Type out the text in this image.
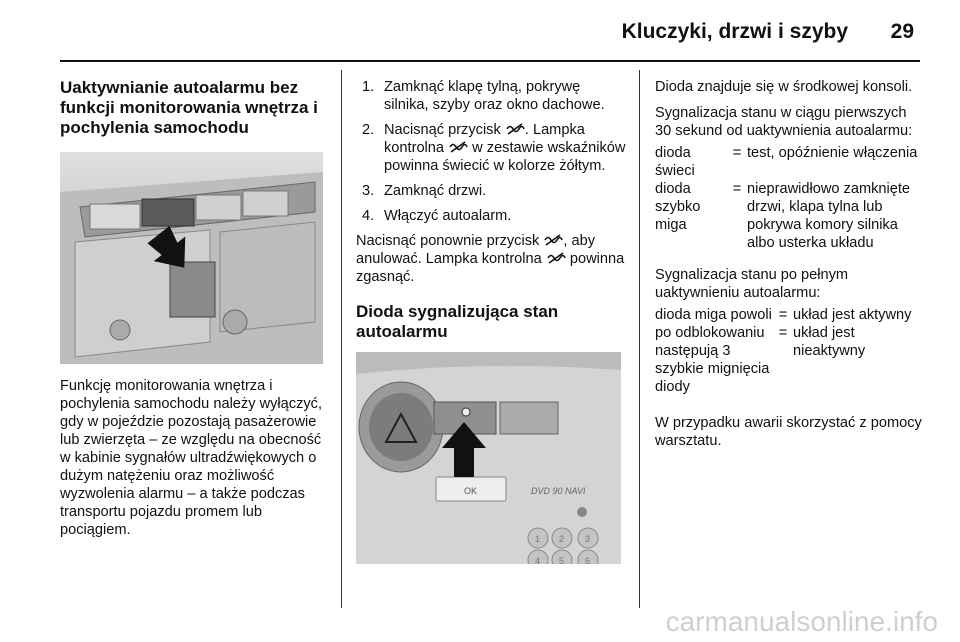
Kluczyki, drzwi i szyby 29
Uaktywnianie autoalarmu bez funkcji monitorowania wnętrza i pochylenia samochodu

Funkcję monitorowania wnętrza i pochylenia samochodu należy wyłączyć, gdy w pojeździe pozostają pasażerowie lub zwierzęta – ze względu na obecność w kabinie sygnałów ultradźwiękowych o dużym natężeniu oraz możliwość wyzwolenia alarmu – a także podczas transportu pojazdu promem lub pociągiem.

1. Zamknąć klapę tylną, pokrywę silnika, szyby oraz okno dachowe.
2. Nacisnąć przycisk . Lampka kontrolna w zestawie wskaźników powinna świecić w kolorze żółtym.
3. Zamknąć drzwi.
4. Włączyć autoalarm.

Nacisnąć ponownie przycisk , aby anulować. Lampka kontrolna powinna zgasnąć.

Dioda sygnalizująca stan autoalarmu
OK	DVD 90 NAVI
1 2 3
4 5 6

Dioda znajduje się w środkowej konsoli.

Sygnalizacja stanu w ciągu pierwszych 30 sekund od uaktywnienia autoalarmu:

dioda świeci	=	test, opóźnienie włączenia
dioda szybko miga	=	nieprawidłowo zamknięte drzwi, klapa tylna lub pokrywa komory silnika albo usterka układu

Sygnalizacja stanu po pełnym uaktywnieniu autoalarmu:

dioda miga powoli	=	układ jest aktywny
po odblokowaniu następują 3 szybkie mignięcia diody	=	układ jest nieaktywny

W przypadku awarii skorzystać z pomocy warsztatu.

carmanualsonline.info
